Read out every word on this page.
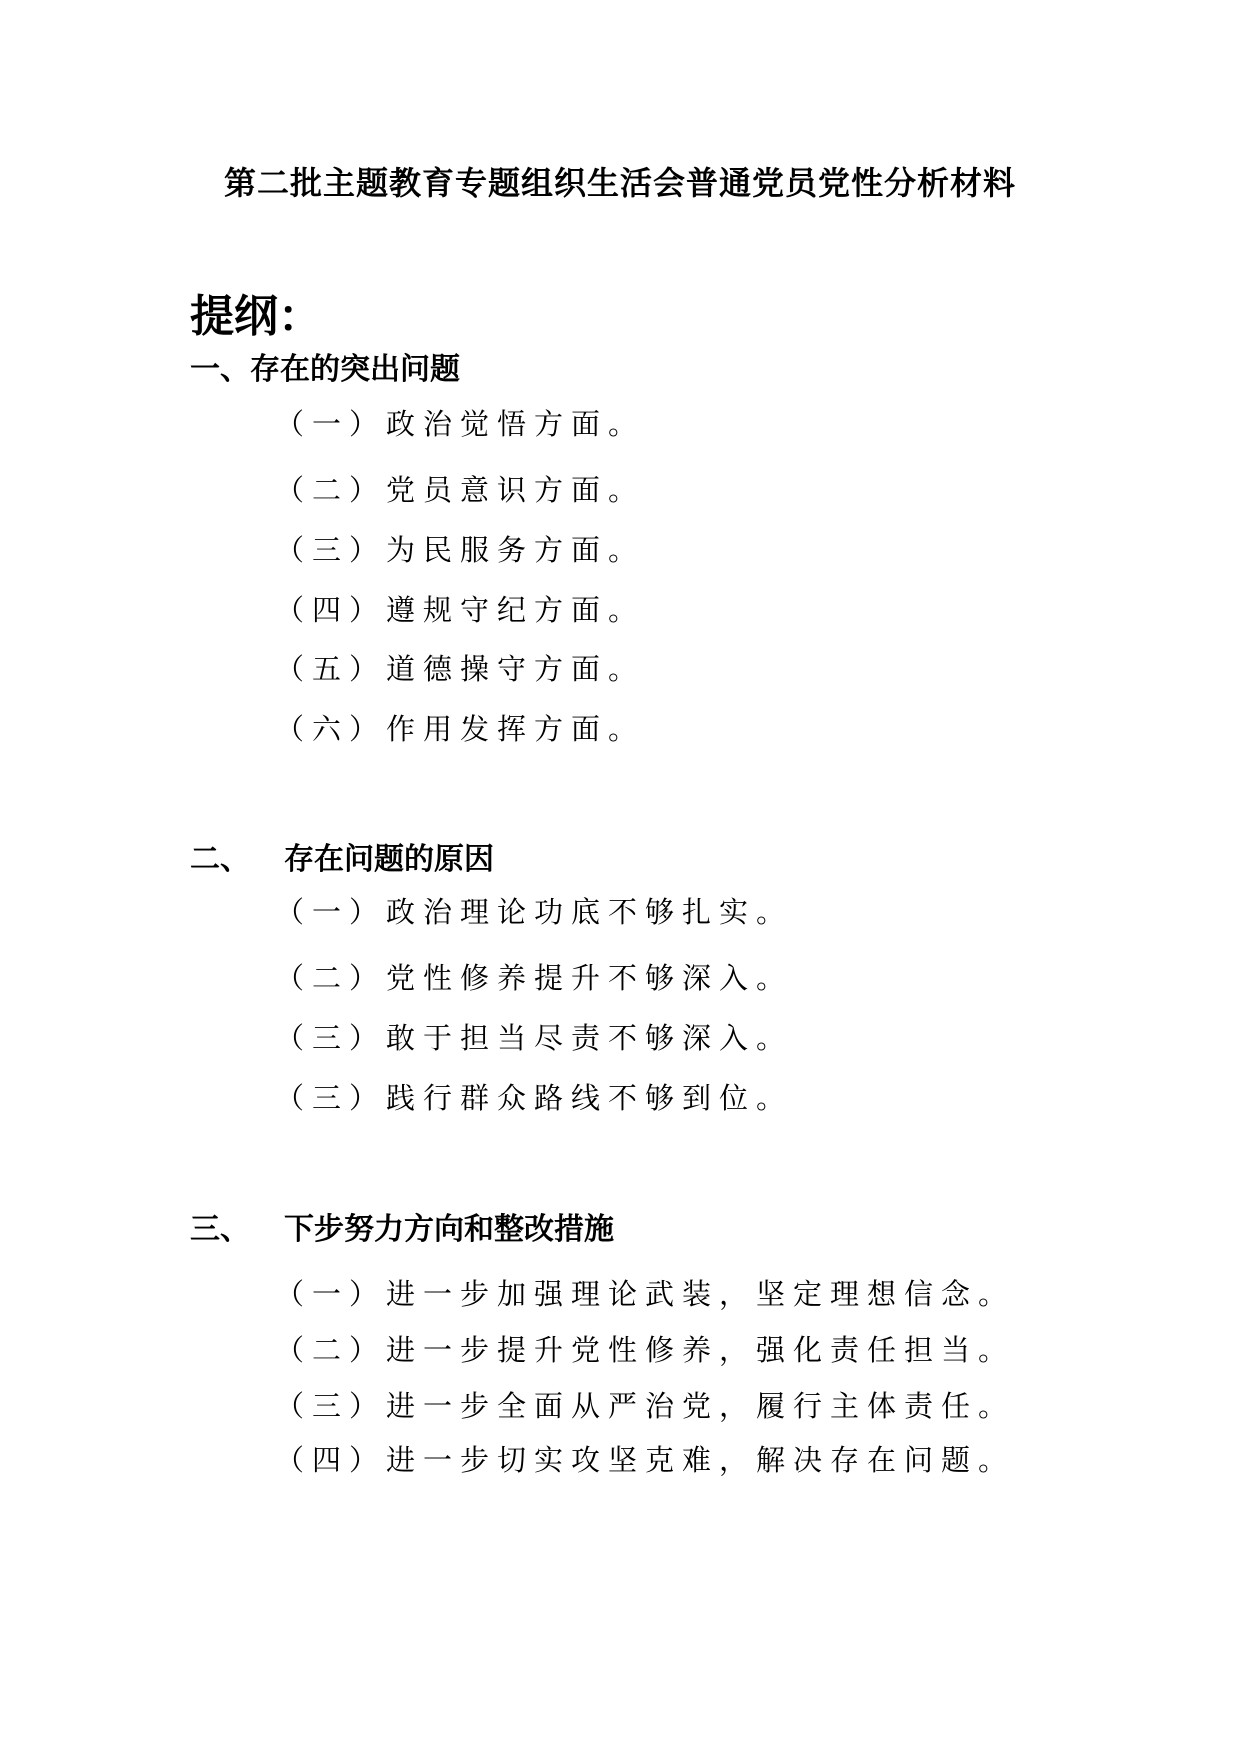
第二批主题教育专题组织生活会普通党员党性分析材料
提纲：
一、存在的突出问题
（一）政治觉悟方面。
（二）党员意识方面。
（三）为民服务方面。
（四）遵规守纪方面。
（五）道德操守方面。
（六）作用发挥方面。
二、 存在问题的原因
（一）政治理论功底不够扎实。
（二）党性修养提升不够深入。
（三）敢于担当尽责不够深入。
（三）践行群众路线不够到位。
三、 下步努力方向和整改措施
（一）进一步加强理论武装，坚定理想信念。
（二）进一步提升党性修养，强化责任担当。
（三）进一步全面从严治党，履行主体责任。
（四）进一步切实攻坚克难，解决存在问题。
